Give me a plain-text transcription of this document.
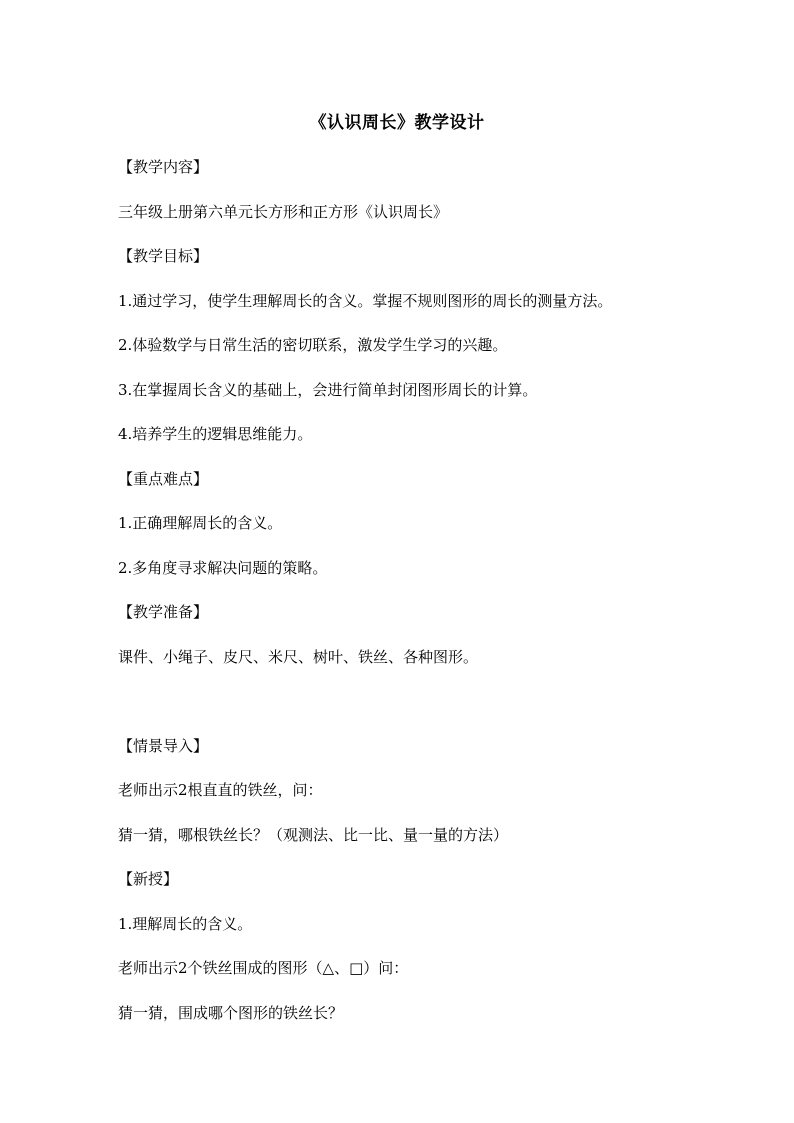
《认识周长》教学设计
【教学内容】
三年级上册第六单元长方形和正方形《认识周长》
【教学目标】
1.通过学习，使学生理解周长的含义。掌握不规则图形的周长的测量方法。
2.体验数学与日常生活的密切联系，激发学生学习的兴趣。
3.在掌握周长含义的基础上，会进行简单封闭图形周长的计算。
4.培养学生的逻辑思维能力。
【重点难点】
1.正确理解周长的含义。
2.多角度寻求解决问题的策略。
【教学准备】
课件、小绳子、皮尺、米尺、树叶、铁丝、各种图形。
【情景导入】
老师出示2根直直的铁丝，问：
猜一猜，哪根铁丝长？（观测法、比一比、量一量的方法）
【新授】
1.理解周长的含义。
老师出示2个铁丝围成的图形（△、□）问：
猜一猜，围成哪个图形的铁丝长？
